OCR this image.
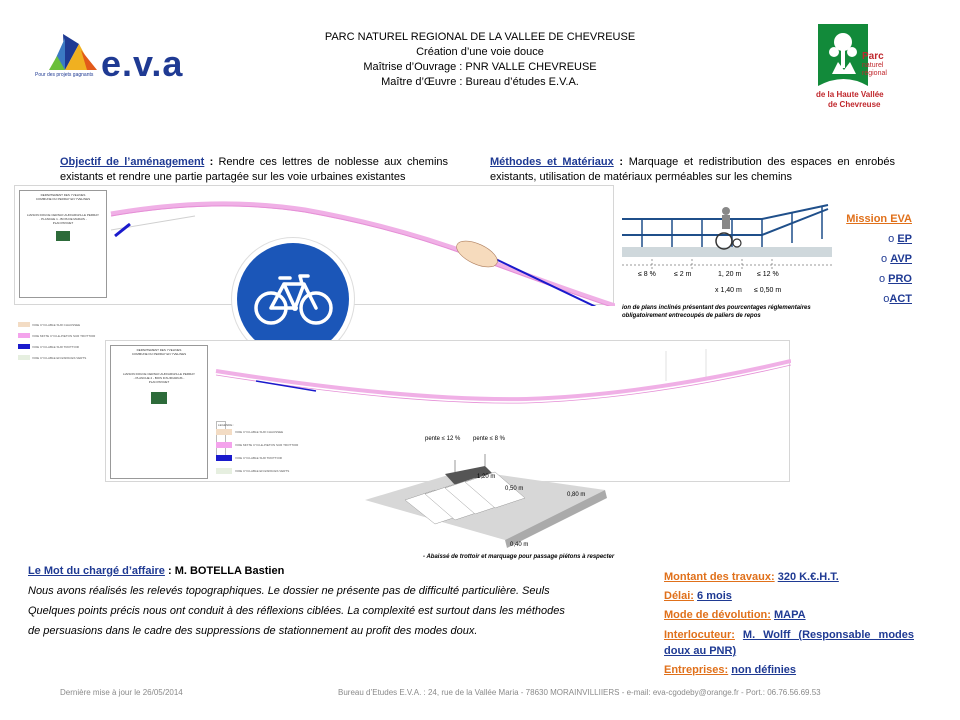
PARC NATUREL REGIONAL DE LA VALLEE DE CHEVREUSE
Création d’une voie douce
Maîtrise d’Ouvrage : PNR VALLE CHEVREUSE
Maître d’Œuvre : Bureau d’études E.V.A.
e.v.a
Pour des projets gagnants
Parc
naturel
régional
de la Haute Vallée
de Chevreuse
Objectif de l’aménagement : Rendre ces lettres de noblesse aux chemins existants et rendre une partie partagée sur les voie urbaines existantes
Méthodes et Matériaux : Marquage et redistribution des espaces en enrobés existants, utilisation de matériaux perméables sur les chemins
DEPARTEMENT DES YVELINES
COMMUNE DU PERRAY EN YVELINES
LIAISON DOUCE CERNAY-AUFFARGIS-LE PERRAY
- PLANCHE 1 - BOIS DE MARAIS -
PLAN PROJET
VOIE CYCLABLE SUR CHAUSSEE
VOIE MIXTE CYCLE-PIETON SUR TROTTOIR
VOIE CYCLABLE SUR TROTTOIR
VOIE CYCLABLE EN ESPACES VERTS
≤ 8 %	≤ 2 m	1, 20 m ≤ 12 %
x 1,40 m ≤ 0,50 m
ion de plans inclinés présentant des pourcentages réglementaires
obligatoirement entrecoupés de paliers de repos
Mission EVA
o EP
o AVP
o PRO
oACT
DEPARTEMENT DES YVELINES
COMMUNE DU PERRAY EN YVELINES
LIAISON DOUCE CERNAY-AUFFARGIS-LE PERRAY
- PLANCHE 2 - BOIS D'AUFFARGIS -
PLAN PROJET
LEGENDE :
VOIE CYCLABLE SUR CHAUSSEE
VOIE MIXTE CYCLE-PIETON SUR TROTTOIR
VOIE CYCLABLE SUR TROTTOIR
VOIE CYCLABLE EN ESPACES VERTS
pente ≤ 12 % pente ≤ 8 %
1,20 m
0,50 m
0,80 m
0,40 m
- Abaissé de trottoir et marquage pour passage piétons à respecter
Le Mot du chargé d’affaire : M. BOTELLA Bastien
Nous avons réalisés les relevés topographiques. Le dossier ne présente pas de difficulté particulière. Seuls
Quelques points précis nous ont conduit à des réflexions ciblées. La complexité est surtout dans les méthodes
de persuasions dans le cadre des suppressions de stationnement au profit des modes doux.
Montant des travaux: 320 K.€.H.T.
Délai: 6 mois
Mode de dévolution: MAPA
Interlocuteur: M. Wolff (Responsable modes doux au PNR)
Entreprises: non définies
Dernière mise à jour le 26/05/2014	Bureau d’Etudes E.V.A. : 24, rue de la Vallée Maria - 78630 MORAINVILLIIERS - e-mail: eva-cgodeby@orange.fr - Port.: 06.76.56.69.53
